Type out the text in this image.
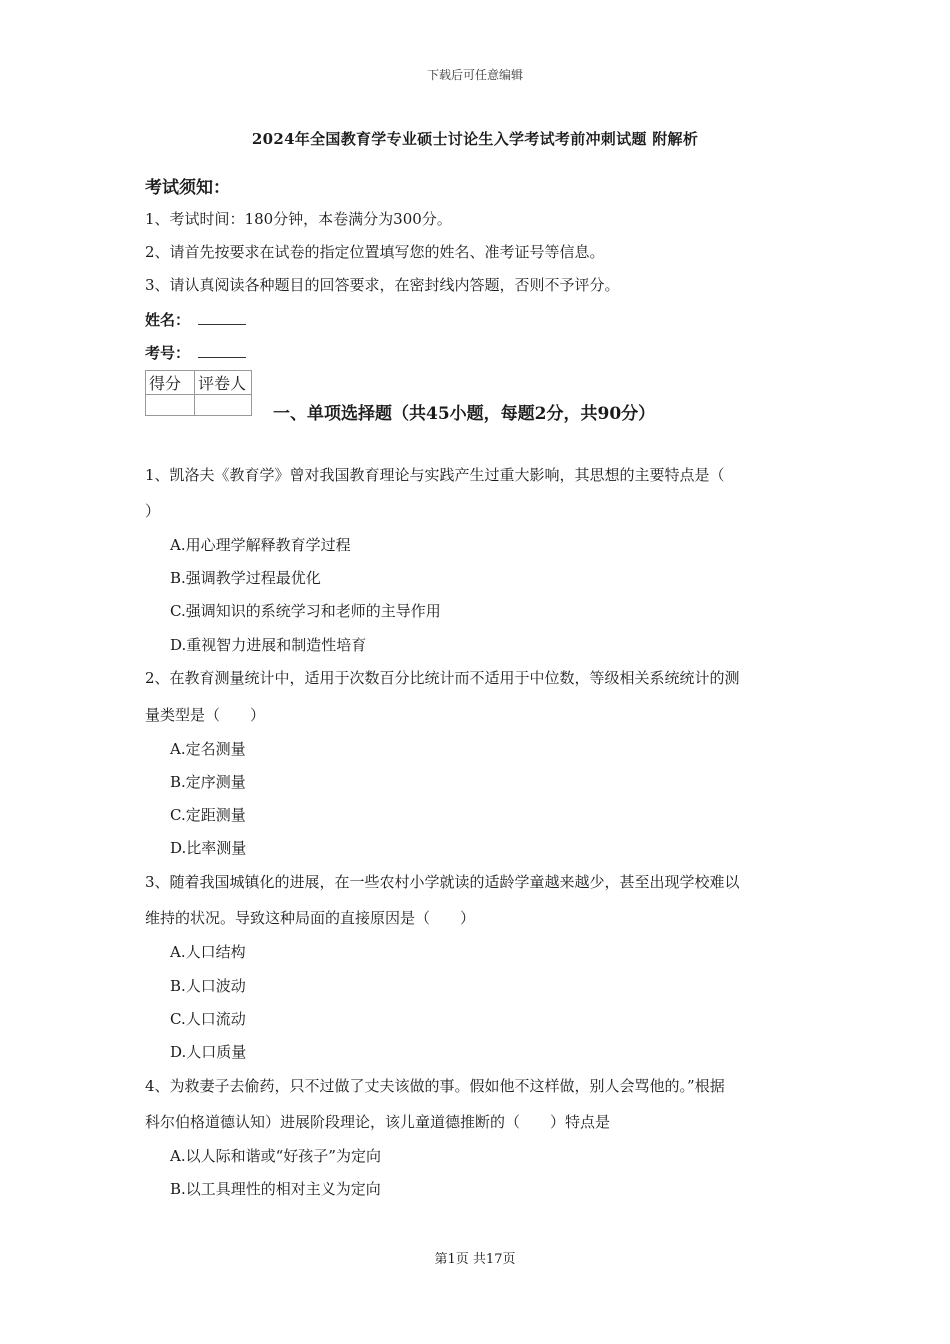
下载后可任意编辑
2024年全国教育学专业硕士讨论生入学考试考前冲刺试题 附解析
考试须知：
1、考试时间：180分钟，本卷满分为300分。
2、请首先按要求在试卷的指定位置填写您的姓名、准考证号等信息。
3、请认真阅读各种题目的回答要求，在密封线内答题，否则不予评分。
姓名：
考号：
得分	评卷人

一、单项选择题（共45小题，每题2分，共90分）
1、凯洛夫《教育学》曾对我国教育理论与实践产生过重大影响，其思想的主要特点是（
）
A.用心理学解释教育学过程
B.强调教学过程最优化
C.强调知识的系统学习和老师的主导作用
D.重视智力进展和制造性培育
2、在教育测量统计中，适用于次数百分比统计而不适用于中位数，等级相关系统统计的测
量类型是（　　）
A.定名测量
B.定序测量
C.定距测量
D.比率测量
3、随着我国城镇化的进展，在一些农村小学就读的适龄学童越来越少，甚至出现学校难以
维持的状况。导致这种局面的直接原因是（　　）
A.人口结构
B.人口波动
C.人口流动
D.人口质量
4、为救妻子去偷药，只不过做了丈夫该做的事。假如他不这样做，别人会骂他的。”根据
科尔伯格道德认知）进展阶段理论，该儿童道德推断的（　　）特点是
A.以人际和谐或“好孩子”为定向
B.以工具理性的相对主义为定向
第1页 共17页
